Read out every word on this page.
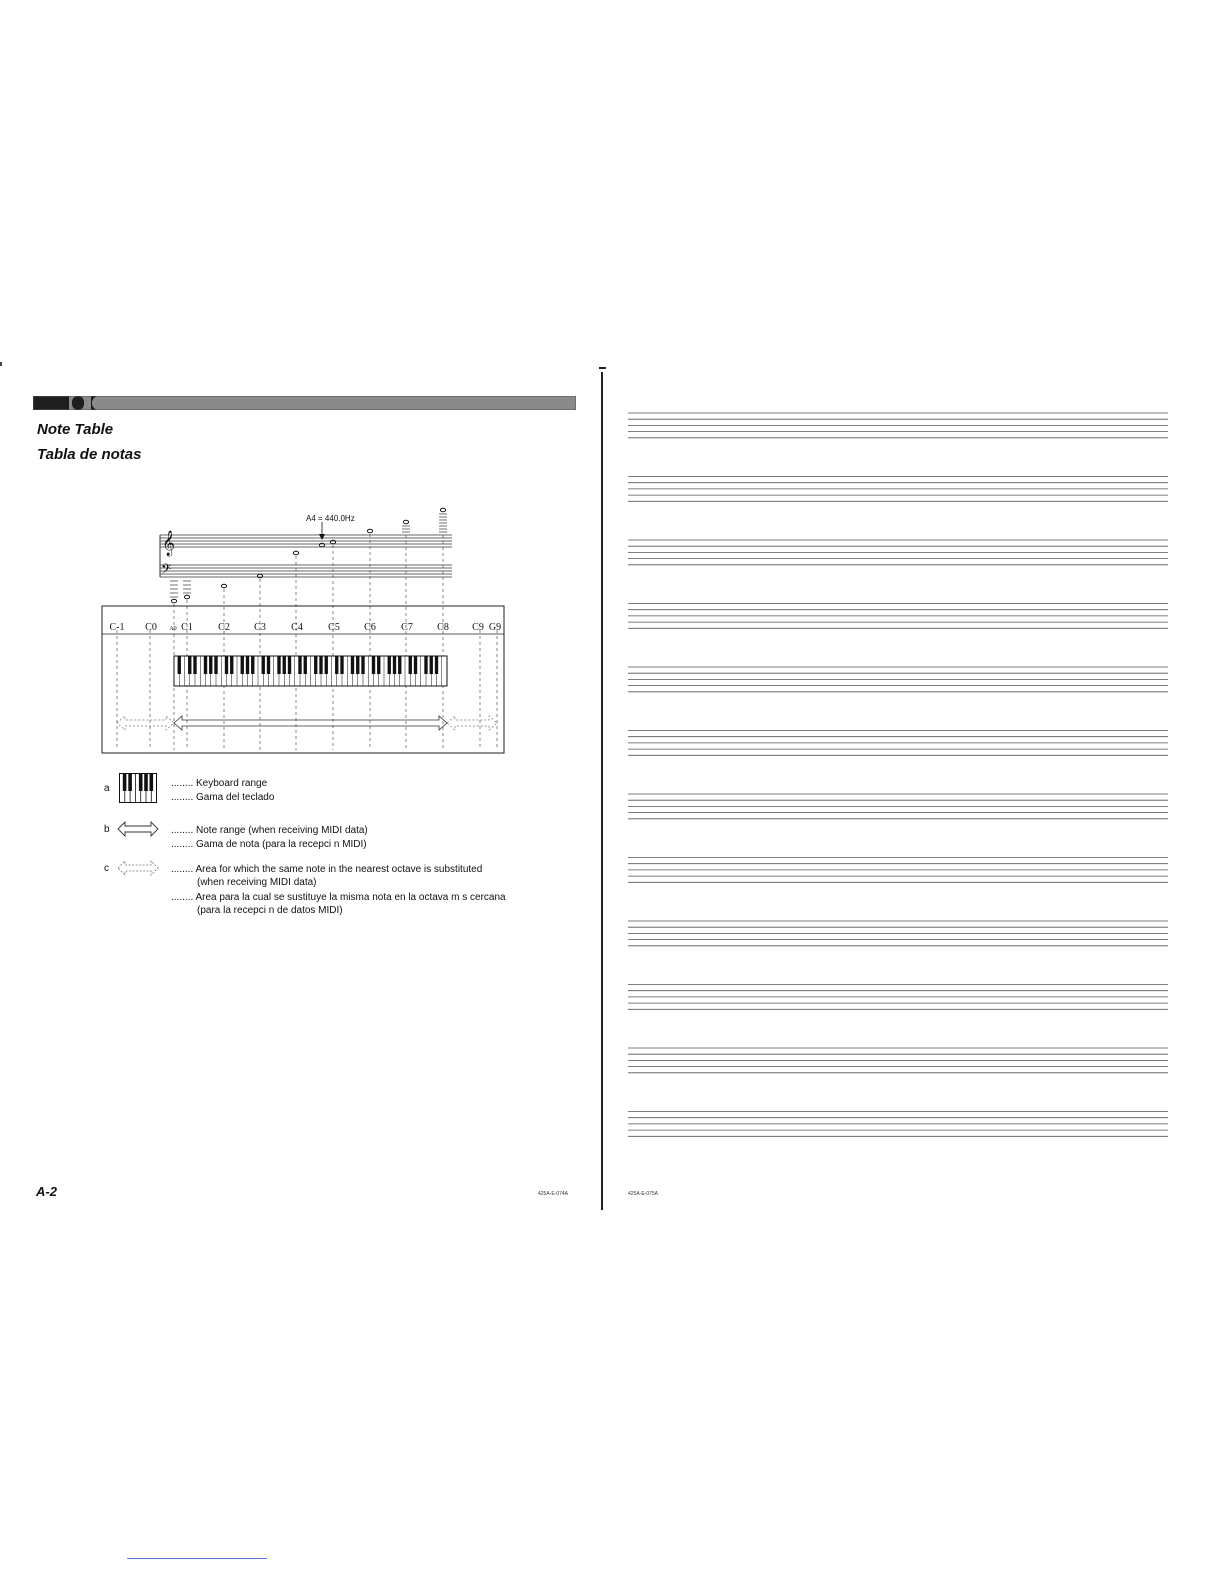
Note Table
Tabla de notas
A4 = 440.0Hz
𝄞
𝄢
C-1 C0 A0 C1	C2 C3	C4	C5 C6	C7 C8 C9 G9
a	........ Keyboard range
........ Gama del teclado
b	........ Note range (when receiving MIDI data)
........ Gama de nota (para la recepci n MIDI)
c	........ Area for which the same note in the nearest octave is substituted
(when receiving MIDI data)
........ Area para la cual se sustituye la misma nota en la octava m s cercana
(para la recepci n de datos MIDI)
A-2	425A-E-074A	425A-E-075A
